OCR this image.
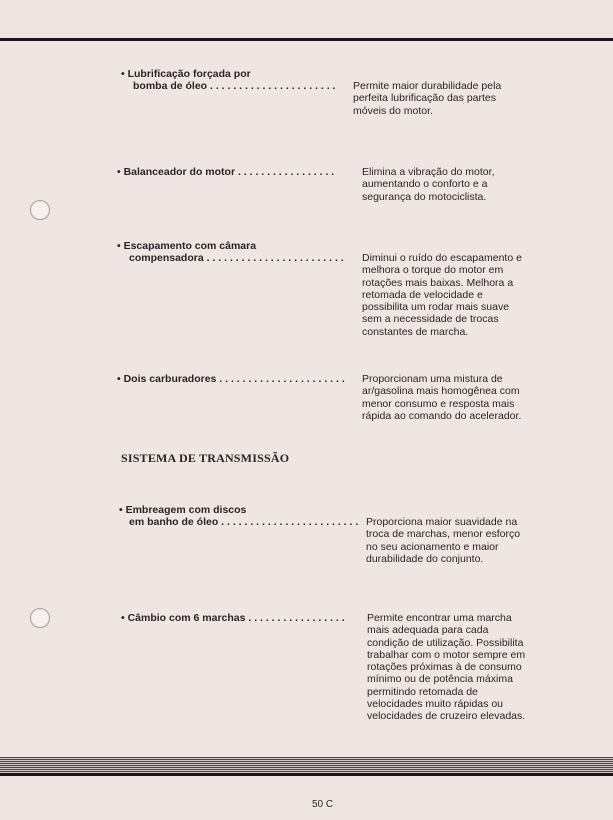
• Lubrificação forçada por
bomba de óleo . . . . . . . . . . . . . . . . . . . . . . Permite maior durabilidade pela
perfeita lubrificação das partes
móveis do motor.
• Balanceador do motor . . . . . . . . . . . . . . . . .	Elimina a vibração do motor,
aumentando o conforto e a
segurança do motociclista.
• Escapamento com câmara
compensadora . . . . . . . . . . . . . . . . . . . . . . . . Diminui o ruído do escapamento e
melhora o torque do motor em
rotações mais baixas. Melhora a
retomada de velocidade e
possibilita um rodar mais suave
sem a necessidade de trocas
constantes de marcha.
• Dois carburadores . . . . . . . . . . . . . . . . . . . . . . Proporcionam uma mistura de
ar/gasolina mais homogênea com
menor consumo e resposta mais
rápida ao comando do acelerador.
SISTEMA DE TRANSMISSÃO
• Embreagem com discos
em banho de óleo . . . . . . . . . . . . . . . . . . . . . . . . Proporciona maior suavidade na
troca de marchas, menor esforço
no seu acionamento e maior
durabilidade do conjunto.
• Câmbio com 6 marchas . . . . . . . . . . . . . . . . . Permite encontrar uma marcha
mais adequada para cada
condição de utilização. Possibilita
trabalhar com o motor sempre em
rotações próximas à de consumo
mínimo ou de potência máxima
permitindo retomada de
velocidades muito rápidas ou
velocidades de cruzeiro elevadas.
50 C
